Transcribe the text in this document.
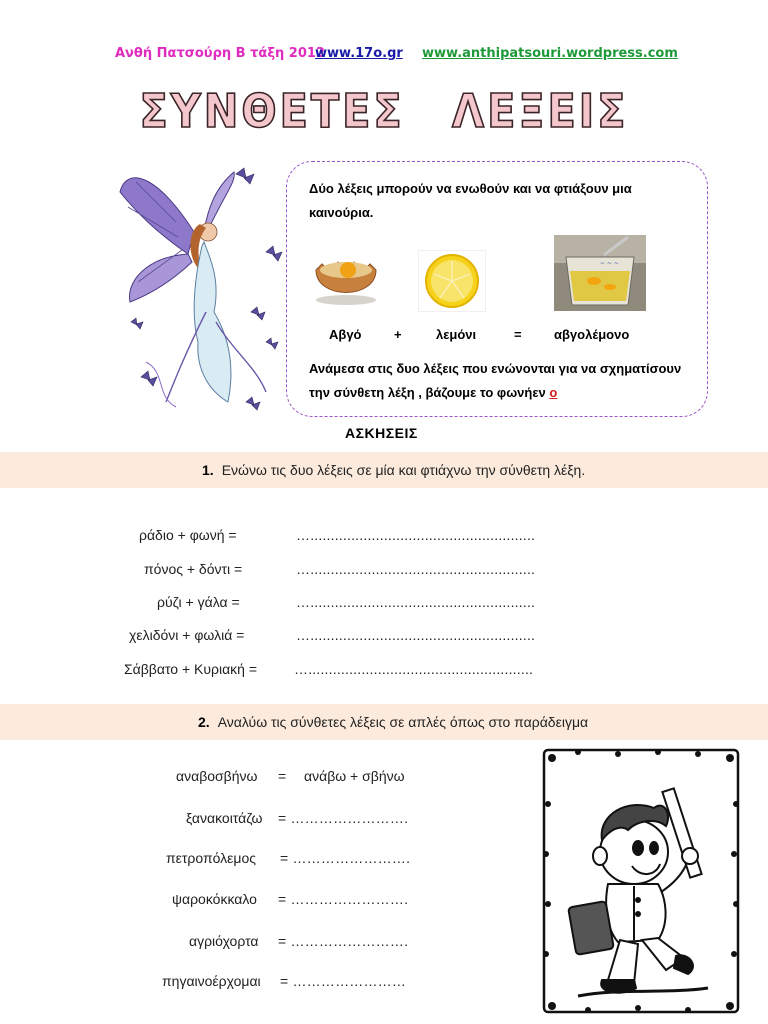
Ανθή Πατσούρη Β τάξη 2012
www.17o.gr www.anthipatsouri.wordpress.com
ΣΥΝΘΕΤΕΣ ΛΕΞΕΙΣ
Δύο λέξεις μπορούν να ενωθούν και να φτιάξουν μια καινούρια.
~ ~ ~
Αβγό	+	λεμόνι	= αβγολέμονο
Ανάμεσα στις δυο λέξεις που ενώνονται για να σχηματίσουν την σύνθετη λέξη , βάζουμε το φωνήεν ο
ΑΣΚΗΣΕΙΣ
1. Ενώνω τις δυο λέξεις σε μία και φτιάχνω την σύνθετη λέξη.
ράδιο + φωνή =	….......................................................
πόνος + δόντι =	….......................................................
ρύζι + γάλα =	….......................................................
χελιδόνι + φωλιά =	….......................................................
Σάββατο + Κυριακή =	….......................................................
2. Αναλύω τις σύνθετες λέξεις σε απλές όπως στο παράδειγμα
αναβοσβήνω = ανάβω + σβήνω
ξανακοιτάζω = …………………….
πετροπόλεμος = …………………….
ψαροκόκκαλο = …………………….
αγριόχορτα = …………………….
πηγαινοέρχομαι = ……………………
